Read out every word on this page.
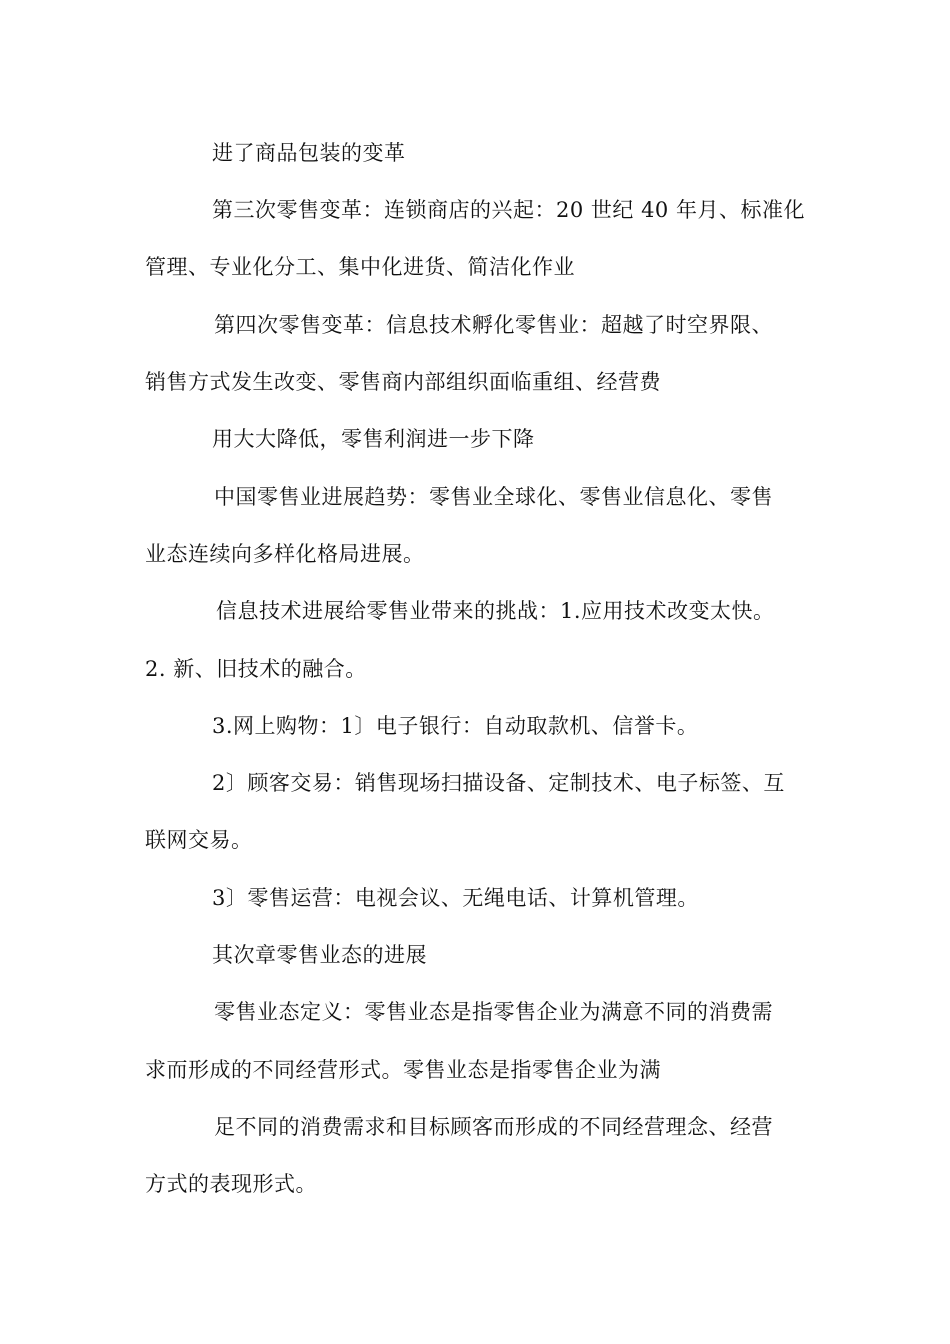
进了商品包装的变革
第三次零售变革：连锁商店的兴起：20 世纪 40 年月、标准化
管理、专业化分工、集中化进货、简洁化作业
第四次零售变革：信息技术孵化零售业：超越了时空界限、
销售方式发生改变、零售商内部组织面临重组、经营费
用大大降低，零售利润进一步下降
中国零售业进展趋势：零售业全球化、零售业信息化、零售
业态连续向多样化格局进展。
信息技术进展给零售业带来的挑战：1.应用技术改变太快。
2. 新、旧技术的融合。
3.网上购物：1〕电子银行：自动取款机、信誉卡。
2〕顾客交易：销售现场扫描设备、定制技术、电子标签、互
联网交易。
3〕零售运营：电视会议、无绳电话、计算机管理。
其次章零售业态的进展
零售业态定义：零售业态是指零售企业为满意不同的消费需
求而形成的不同经营形式。零售业态是指零售企业为满
足不同的消费需求和目标顾客而形成的不同经营理念、经营
方式的表现形式。
